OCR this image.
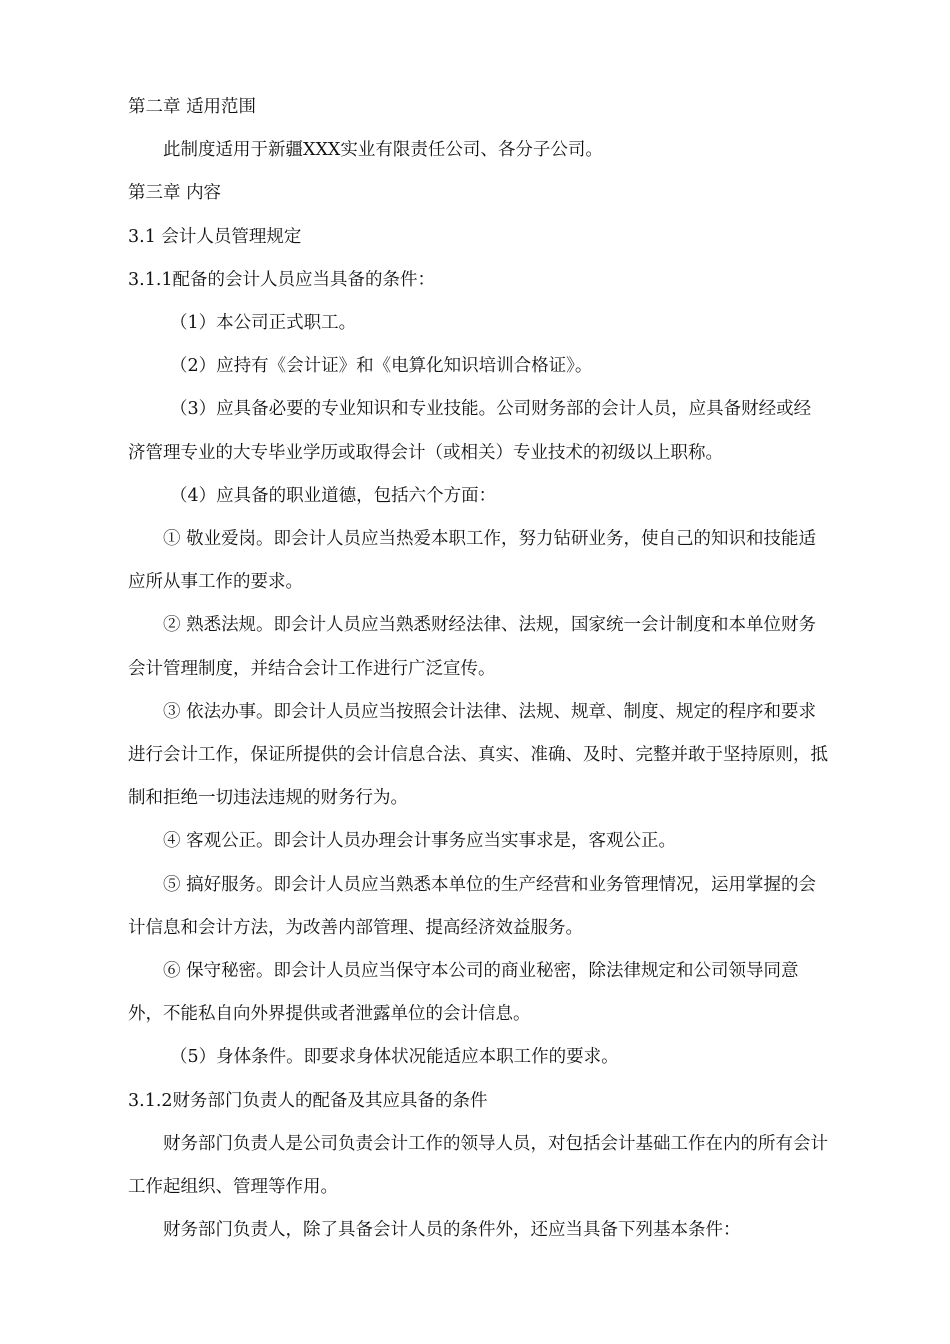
第二章 适用范围

此制度适用于新疆XXX实业有限责任公司、各分子公司。

第三章 内容

3.1 会计人员管理规定

3.1.1配备的会计人员应当具备的条件：

（1）本公司正式职工。

（2）应持有《会计证》和《电算化知识培训合格证》。

（3）应具备必要的专业知识和专业技能。公司财务部的会计人员，应具备财经或经济管理专业的大专毕业学历或取得会计（或相关）专业技术的初级以上职称。

（4）应具备的职业道德，包括六个方面：

① 敬业爱岗。即会计人员应当热爱本职工作，努力钻研业务，使自己的知识和技能适应所从事工作的要求。

② 熟悉法规。即会计人员应当熟悉财经法律、法规，国家统一会计制度和本单位财务会计管理制度，并结合会计工作进行广泛宣传。

③ 依法办事。即会计人员应当按照会计法律、法规、规章、制度、规定的程序和要求进行会计工作，保证所提供的会计信息合法、真实、准确、及时、完整并敢于坚持原则，抵制和拒绝一切违法违规的财务行为。

④ 客观公正。即会计人员办理会计事务应当实事求是，客观公正。

⑤ 搞好服务。即会计人员应当熟悉本单位的生产经营和业务管理情况，运用掌握的会计信息和会计方法，为改善内部管理、提高经济效益服务。

⑥ 保守秘密。即会计人员应当保守本公司的商业秘密，除法律规定和公司领导同意外，不能私自向外界提供或者泄露单位的会计信息。

（5）身体条件。即要求身体状况能适应本职工作的要求。

3.1.2财务部门负责人的配备及其应具备的条件

财务部门负责人是公司负责会计工作的领导人员，对包括会计基础工作在内的所有会计工作起组织、管理等作用。

财务部门负责人，除了具备会计人员的条件外，还应当具备下列基本条件：
